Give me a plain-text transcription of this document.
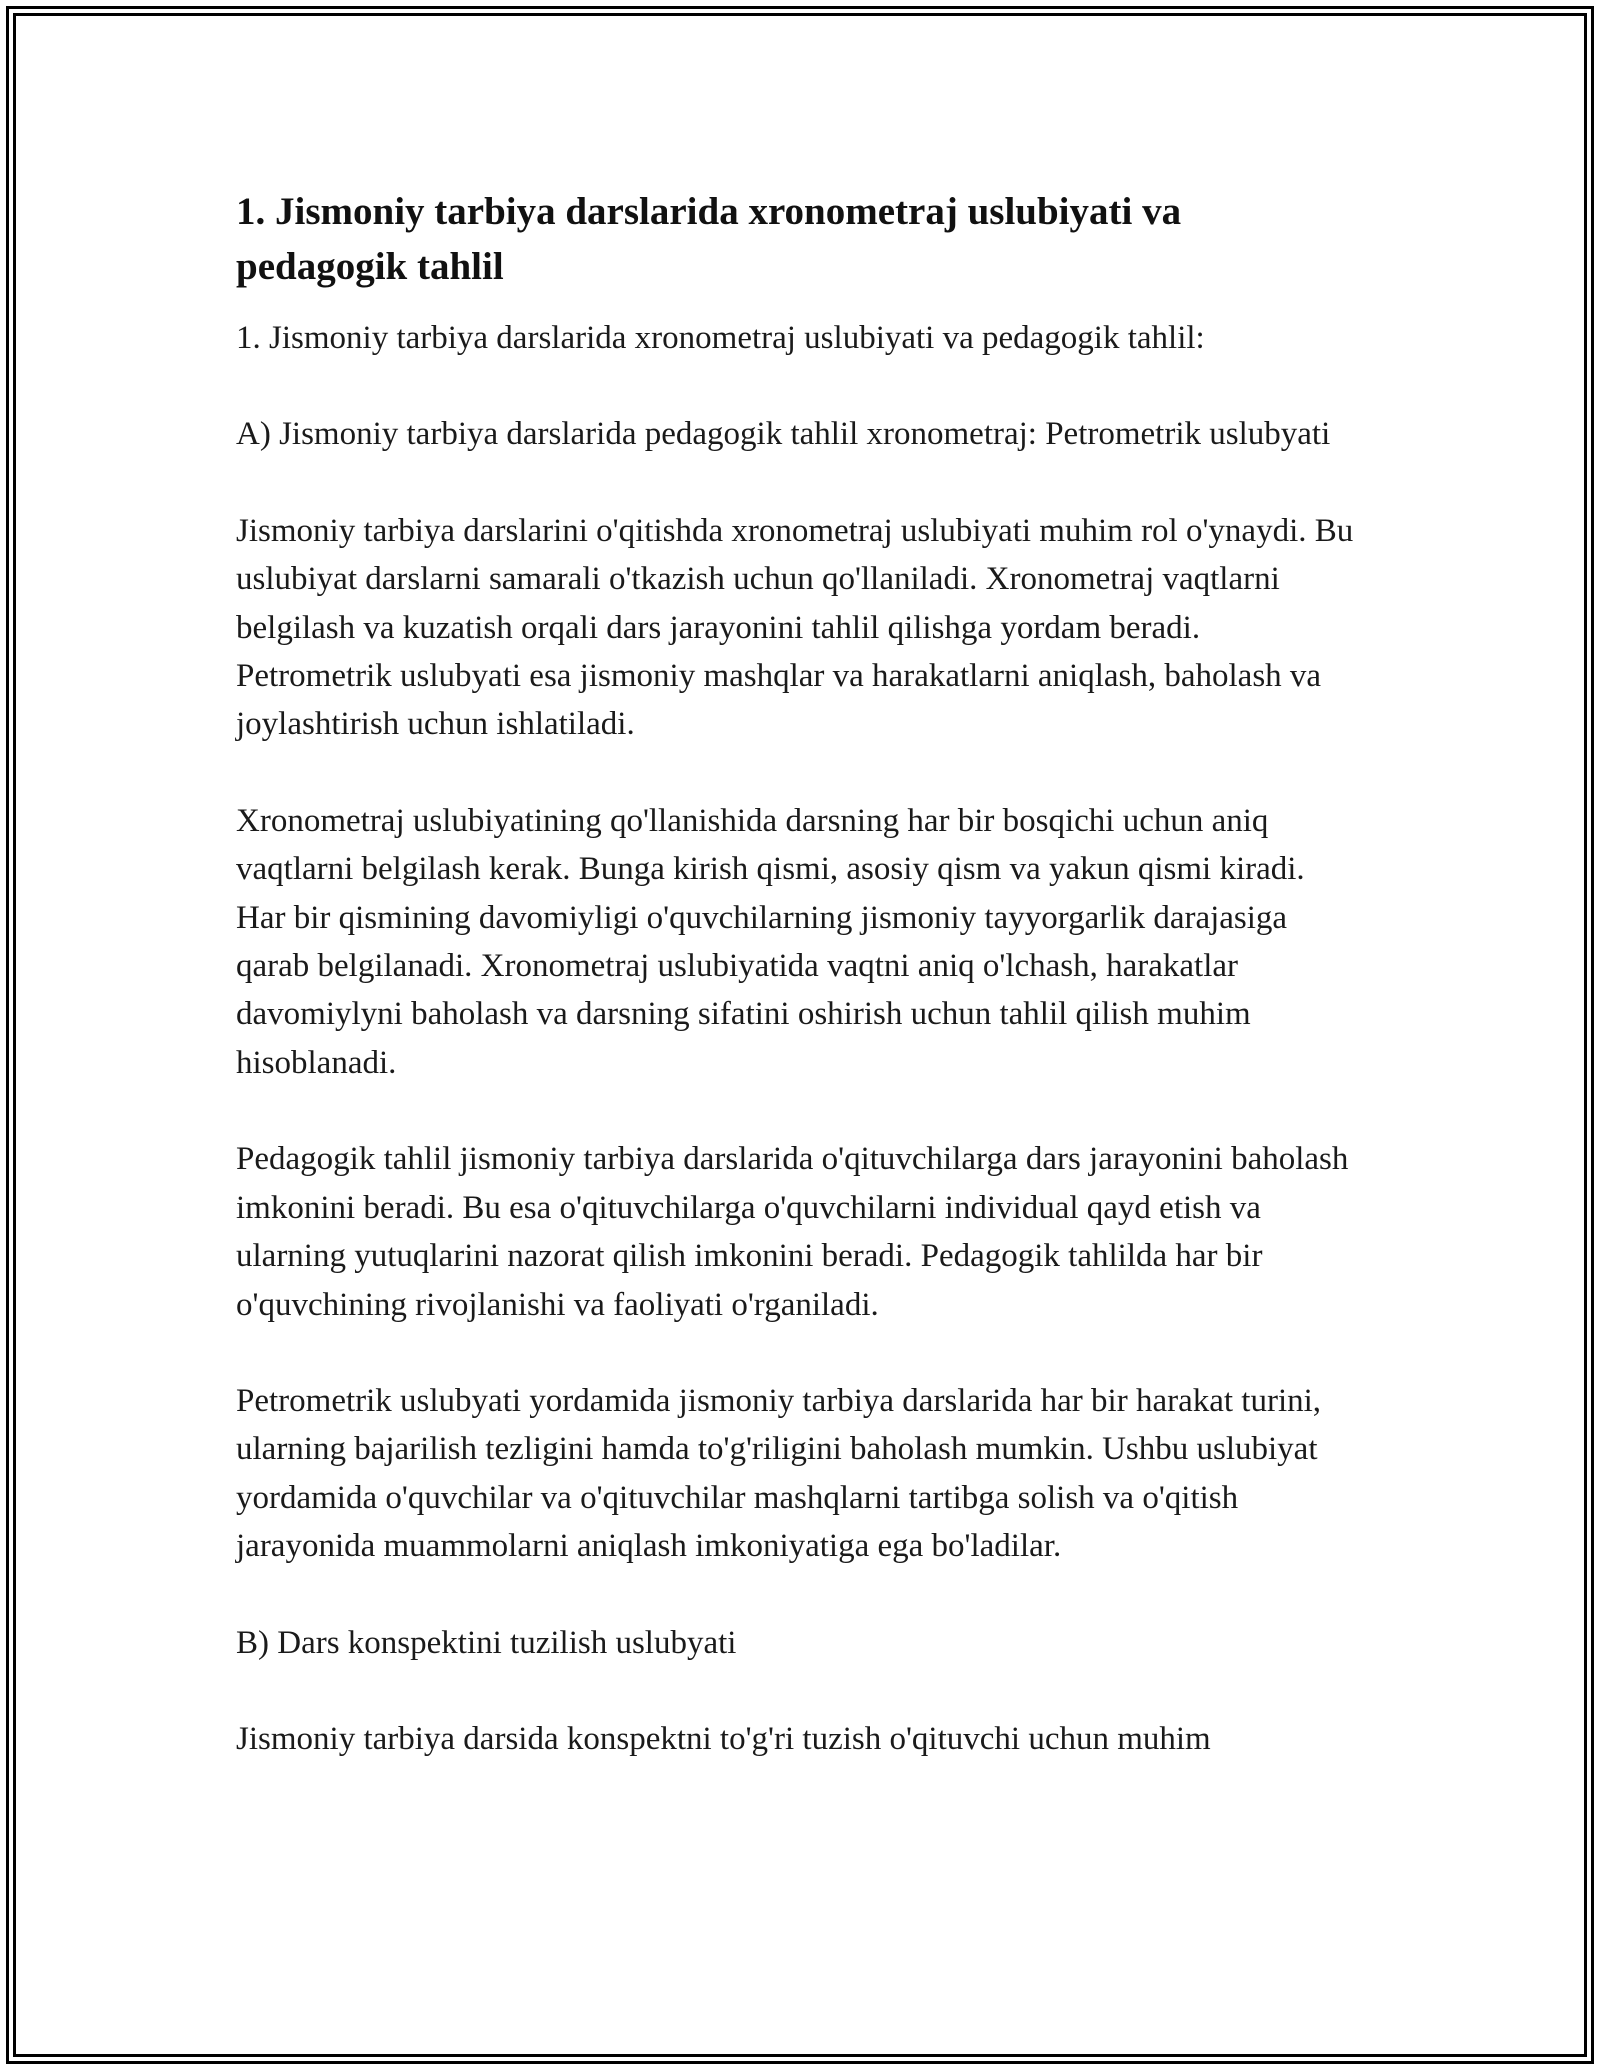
1. Jismoniy tarbiya darslarida xronometraj uslubiyati va pedagogik tahlil

1. Jismoniy tarbiya darslarida xronometraj uslubiyati va pedagogik tahlil:

A) Jismoniy tarbiya darslarida pedagogik tahlil xronometraj: Petrometrik uslubyati

Jismoniy tarbiya darslarini o'qitishda xronometraj uslubiyati muhim rol o'ynaydi. Bu uslubiyat darslarni samarali o'tkazish uchun qo'llaniladi. Xronometraj vaqtlarni belgilash va kuzatish orqali dars jarayonini tahlil qilishga yordam beradi. Petrometrik uslubyati esa jismoniy mashqlar va harakatlarni aniqlash, baholash va joylashtirish uchun ishlatiladi.

Xronometraj uslubiyatining qo'llanishida darsning har bir bosqichi uchun aniq vaqtlarni belgilash kerak. Bunga kirish qismi, asosiy qism va yakun qismi kiradi. Har bir qismining davomiyligi o'quvchilarning jismoniy tayyorgarlik darajasiga qarab belgilanadi. Xronometraj uslubiyatida vaqtni aniq o'lchash, harakatlar davomiylyni baholash va darsning sifatini oshirish uchun tahlil qilish muhim hisoblanadi.

Pedagogik tahlil jismoniy tarbiya darslarida o'qituvchilarga dars jarayonini baholash imkonini beradi. Bu esa o'qituvchilarga o'quvchilarni individual qayd etish va ularning yutuqlarini nazorat qilish imkonini beradi. Pedagogik tahlilda har bir o'quvchining rivojlanishi va faoliyati o'rganiladi.

Petrometrik uslubyati yordamida jismoniy tarbiya darslarida har bir harakat turini, ularning bajarilish tezligini hamda to'g'riligini baholash mumkin. Ushbu uslubiyat yordamida o'quvchilar va o'qituvchilar mashqlarni tartibga solish va o'qitish jarayonida muammolarni aniqlash imkoniyatiga ega bo'ladilar.

B) Dars konspektini tuzilish uslubyati

Jismoniy tarbiya darsida konspektni to'g'ri tuzish o'qituvchi uchun muhim
